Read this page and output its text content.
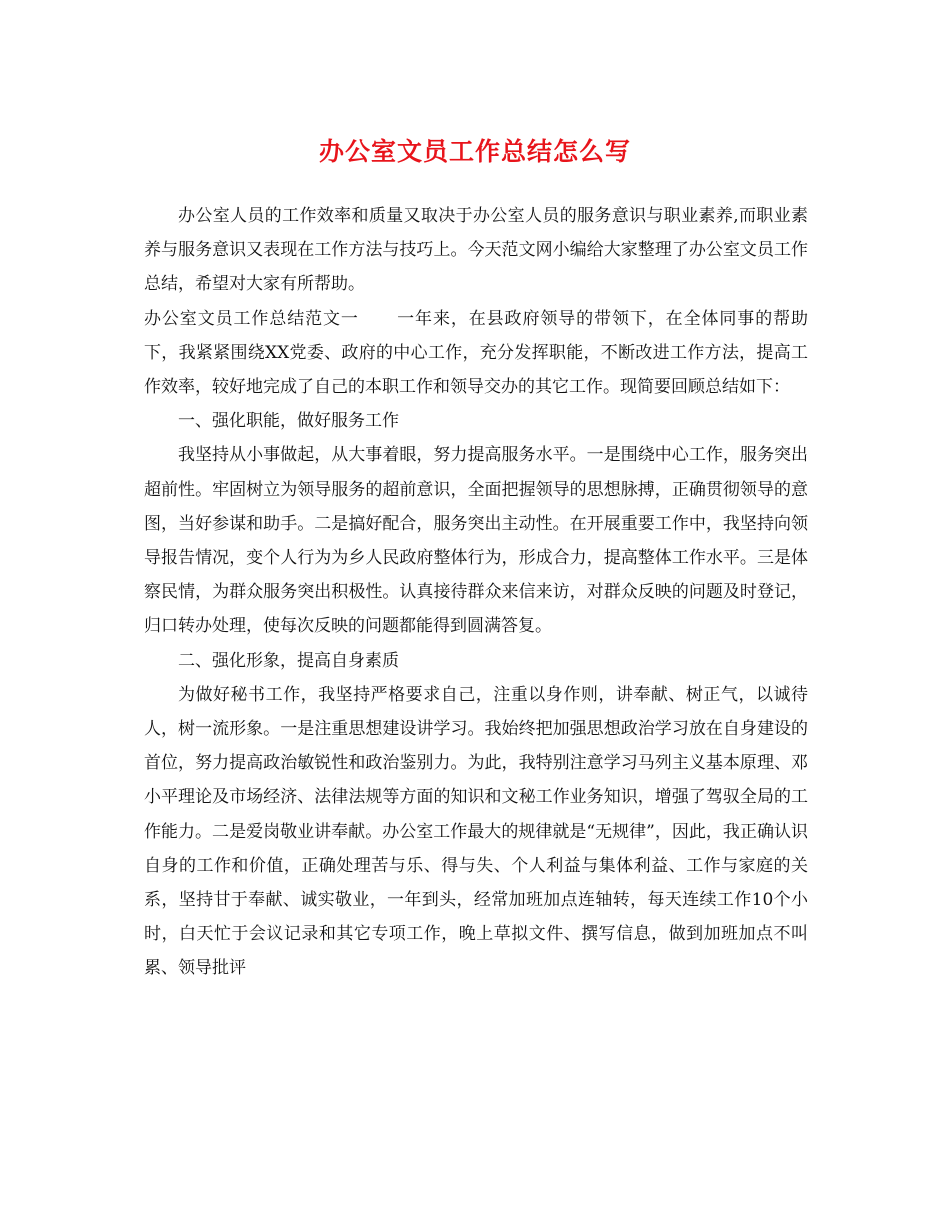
办公室文员工作总结怎么写

办公室人员的工作效率和质量又取决于办公室人员的服务意识与职业素养,而职业素养与服务意识又表现在工作方法与技巧上。今天范文网小编给大家整理了办公室文员工作总结，希望对大家有所帮助。

办公室文员工作总结范文一 一年来，在县政府领导的带领下，在全体同事的帮助下，我紧紧围绕XX党委、政府的中心工作，充分发挥职能，不断改进工作方法，提高工作效率，较好地完成了自己的本职工作和领导交办的其它工作。现简要回顾总结如下：

一、强化职能，做好服务工作

我坚持从小事做起，从大事着眼，努力提高服务水平。一是围绕中心工作，服务突出超前性。牢固树立为领导服务的超前意识，全面把握领导的思想脉搏，正确贯彻领导的意图，当好参谋和助手。二是搞好配合，服务突出主动性。在开展重要工作中，我坚持向领导报告情况，变个人行为为乡人民政府整体行为，形成合力，提高整体工作水平。三是体察民情，为群众服务突出积极性。认真接待群众来信来访，对群众反映的问题及时登记，归口转办处理，使每次反映的问题都能得到圆满答复。

二、强化形象，提高自身素质

为做好秘书工作，我坚持严格要求自己，注重以身作则，讲奉献、树正气，以诚待人，树一流形象。一是注重思想建设讲学习。我始终把加强思想政治学习放在自身建设的首位，努力提高政治敏锐性和政治鉴别力。为此，我特别注意学习马列主义基本原理、邓小平理论及市场经济、法律法规等方面的知识和文秘工作业务知识，增强了驾驭全局的工作能力。二是爱岗敬业讲奉献。办公室工作最大的规律就是“无规律”，因此，我正确认识自身的工作和价值，正确处理苦与乐、得与失、个人利益与集体利益、工作与家庭的关系，坚持甘于奉献、诚实敬业，一年到头，经常加班加点连轴转，每天连续工作10个小时，白天忙于会议记录和其它专项工作，晚上草拟文件、撰写信息，做到加班加点不叫累、领导批评
